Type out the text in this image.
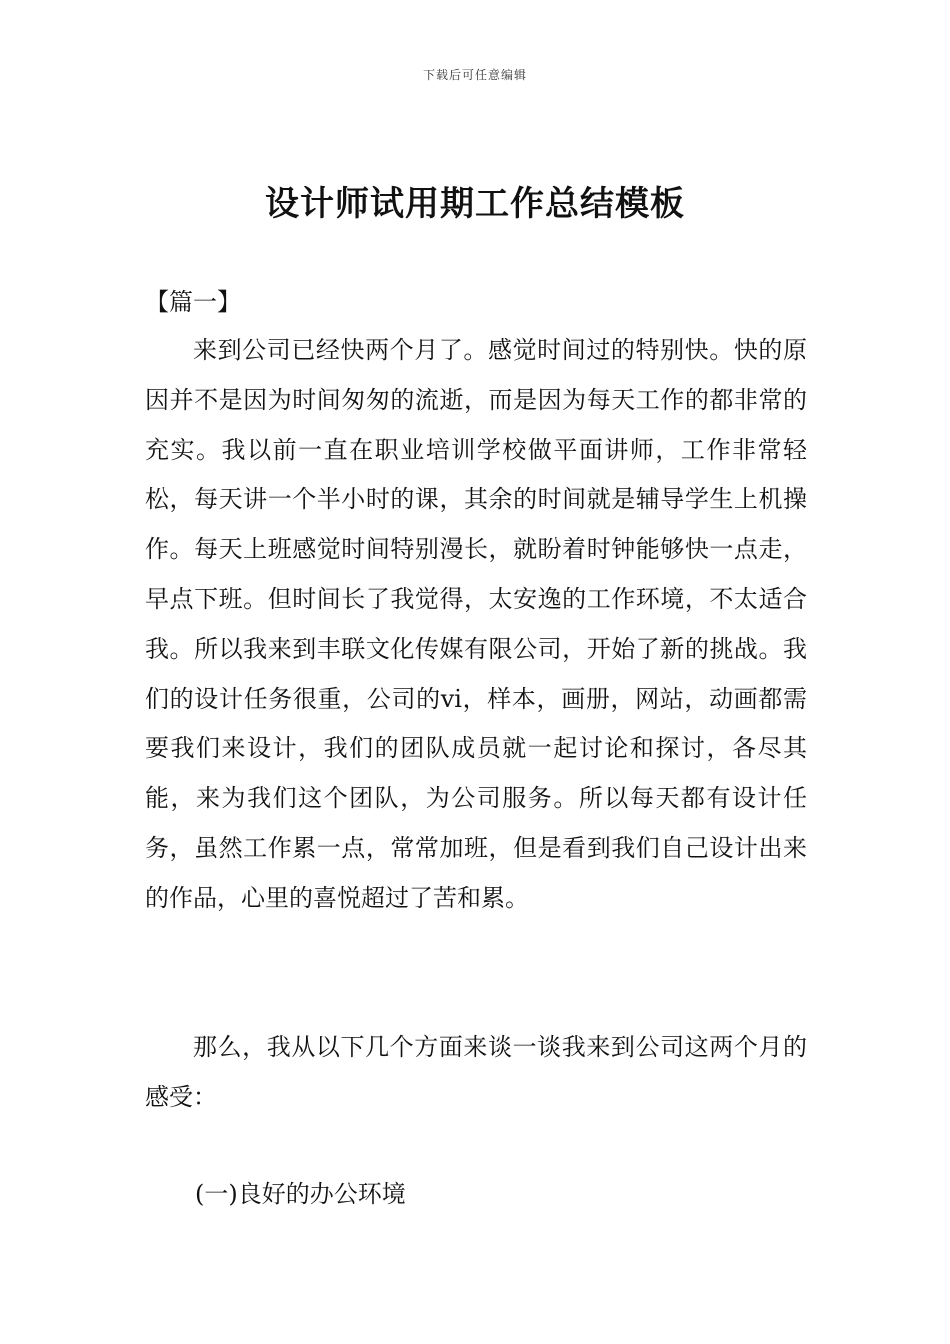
下载后可任意编辑
设计师试用期工作总结模板

【篇一】

来到公司已经快两个月了。感觉时间过的特别快。快的原因并不是因为时间匆匆的流逝，而是因为每天工作的都非常的充实。我以前一直在职业培训学校做平面讲师，工作非常轻松，每天讲一个半小时的课，其余的时间就是辅导学生上机操作。每天上班感觉时间特别漫长，就盼着时钟能够快一点走，早点下班。但时间长了我觉得，太安逸的工作环境，不太适合我。所以我来到丰联文化传媒有限公司，开始了新的挑战。我们的设计任务很重，公司的vi，样本，画册，网站，动画都需要我们来设计，我们的团队成员就一起讨论和探讨，各尽其能，来为我们这个团队，为公司服务。所以每天都有设计任务，虽然工作累一点，常常加班，但是看到我们自己设计出来的作品，心里的喜悦超过了苦和累。

那么，我从以下几个方面来谈一谈我来到公司这两个月的感受：

(一)良好的办公环境
